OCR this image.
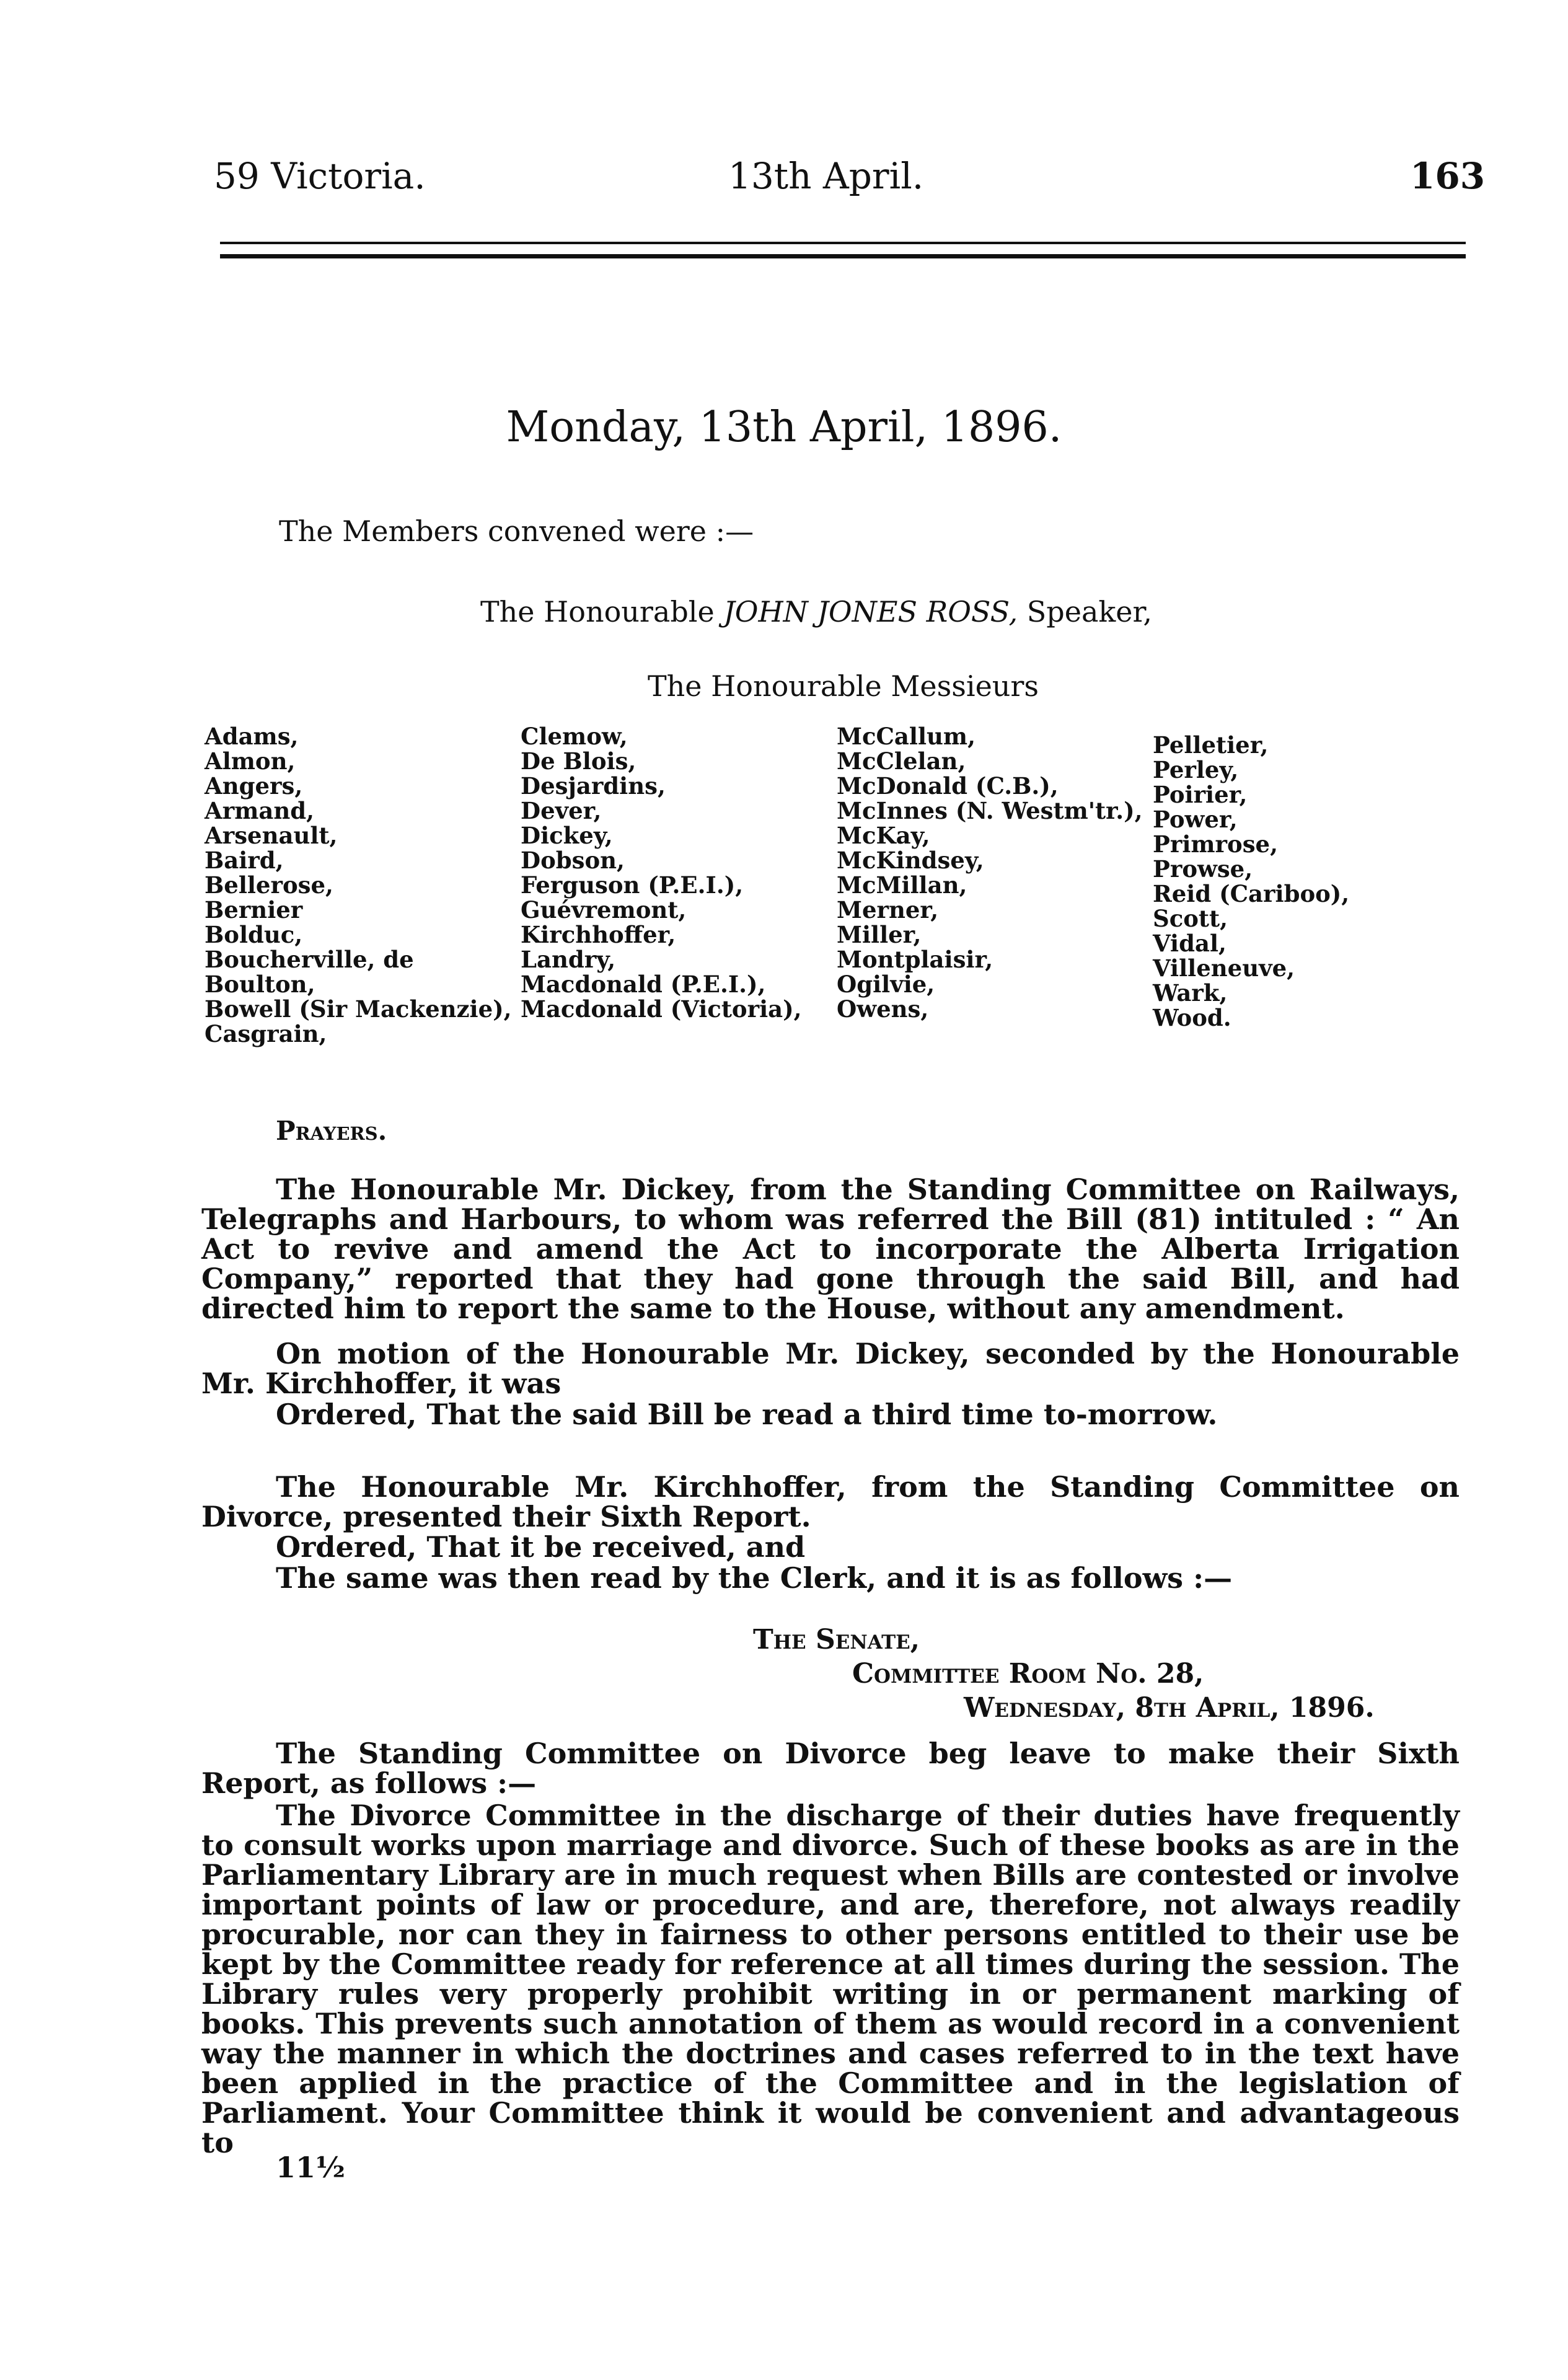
59 Victoria.	13th April.	163
Monday, 13th April, 1896.
The Members convened were :—
The Honourable JOHN JONES ROSS, Speaker,
The Honourable Messieurs
Adams,
Almon,
Angers,
Armand,
Arsenault,
Baird,
Bellerose,
Bernier
Bolduc,
Boucherville, de
Boulton,
Bowell (Sir Mackenzie),
Casgrain,
Clemow,
De Blois,
Desjardins,
Dever,
Dickey,
Dobson,
Ferguson (P.E.I.),
Guévremont,
Kirchhoffer,
Landry,
Macdonald (P.E.I.),
Macdonald (Victoria),
McCallum,
McClelan,
McDonald (C.B.),
McInnes (N. Westm'tr.),
McKay,
McKindsey,
McMillan,
Merner,
Miller,
Montplaisir,
Ogilvie,
Owens,
Pelletier,
Perley,
Poirier,
Power,
Primrose,
Prowse,
Reid (Cariboo),
Scott,
Vidal,
Villeneuve,
Wark,
Wood.
Prayers.
The Honourable Mr. Dickey, from the Standing Committee on Railways, Telegraphs and Harbours, to whom was referred the Bill (81) intituled : “ An Act to revive and amend the Act to incorporate the Alberta Irrigation Company,” reported that they had gone through the said Bill, and had directed him to report the same to the House, without any amendment.
On motion of the Honourable Mr. Dickey, seconded by the Honourable Mr. Kirchhoffer, it was
Ordered, That the said Bill be read a third time to-morrow.
The Honourable Mr. Kirchhoffer, from the Standing Committee on Divorce, presented their Sixth Report.
Ordered, That it be received, and
The same was then read by the Clerk, and it is as follows :—
The Senate,
Committee Room No. 28,
Wednesday, 8th April, 1896.
The Standing Committee on Divorce beg leave to make their Sixth Report, as follows :—
The Divorce Committee in the discharge of their duties have frequently to consult works upon marriage and divorce. Such of these books as are in the Parliamentary Library are in much request when Bills are contested or involve important points of law or procedure, and are, therefore, not always readily procurable, nor can they in fairness to other persons entitled to their use be kept by the Committee ready for reference at all times during the session. The Library rules very properly prohibit writing in or permanent marking of books. This prevents such annotation of them as would record in a convenient way the manner in which the doctrines and cases referred to in the text have been applied in the practice of the Committee and in the legislation of Parliament. Your Committee think it would be convenient and advantageous to
11½
